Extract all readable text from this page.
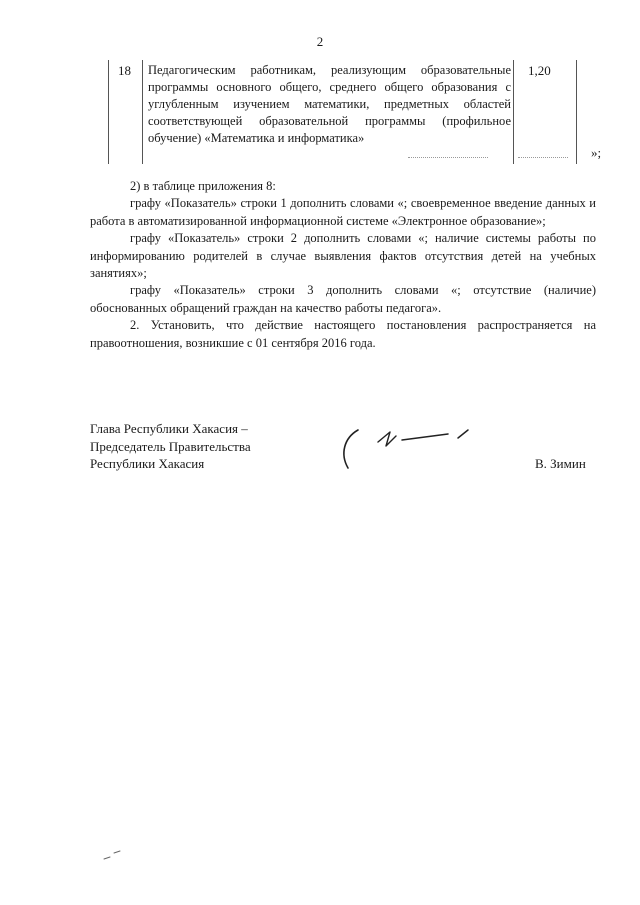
2
18 Педагогическим работникам, реализующим образовательные программы основного общего, среднего общего образования с углубленным изучением математики, предметных областей соответствующей образовательной программы (профильное обучение) «Математика и информатика»

1,20
»;

2) в таблице приложения 8:

графу «Показатель» строки 1 дополнить словами «; своевременное введение данных и работа в автоматизированной информационной системе «Электронное образование»;

графу «Показатель» строки 2 дополнить словами «; наличие системы работы по информированию родителей в случае выявления фактов отсутствия детей на учебных занятиях»;

графу «Показатель» строки 3 дополнить словами «; отсутствие (наличие) обоснованных обращений граждан на качество работы педагога».

2. Установить, что действие настоящего постановления распространяется на правоотношения, возникшие с 01 сентября 2016 года.

Глава Республики Хакасия –
Председатель Правительства
Республики Хакасия	В. Зимин
